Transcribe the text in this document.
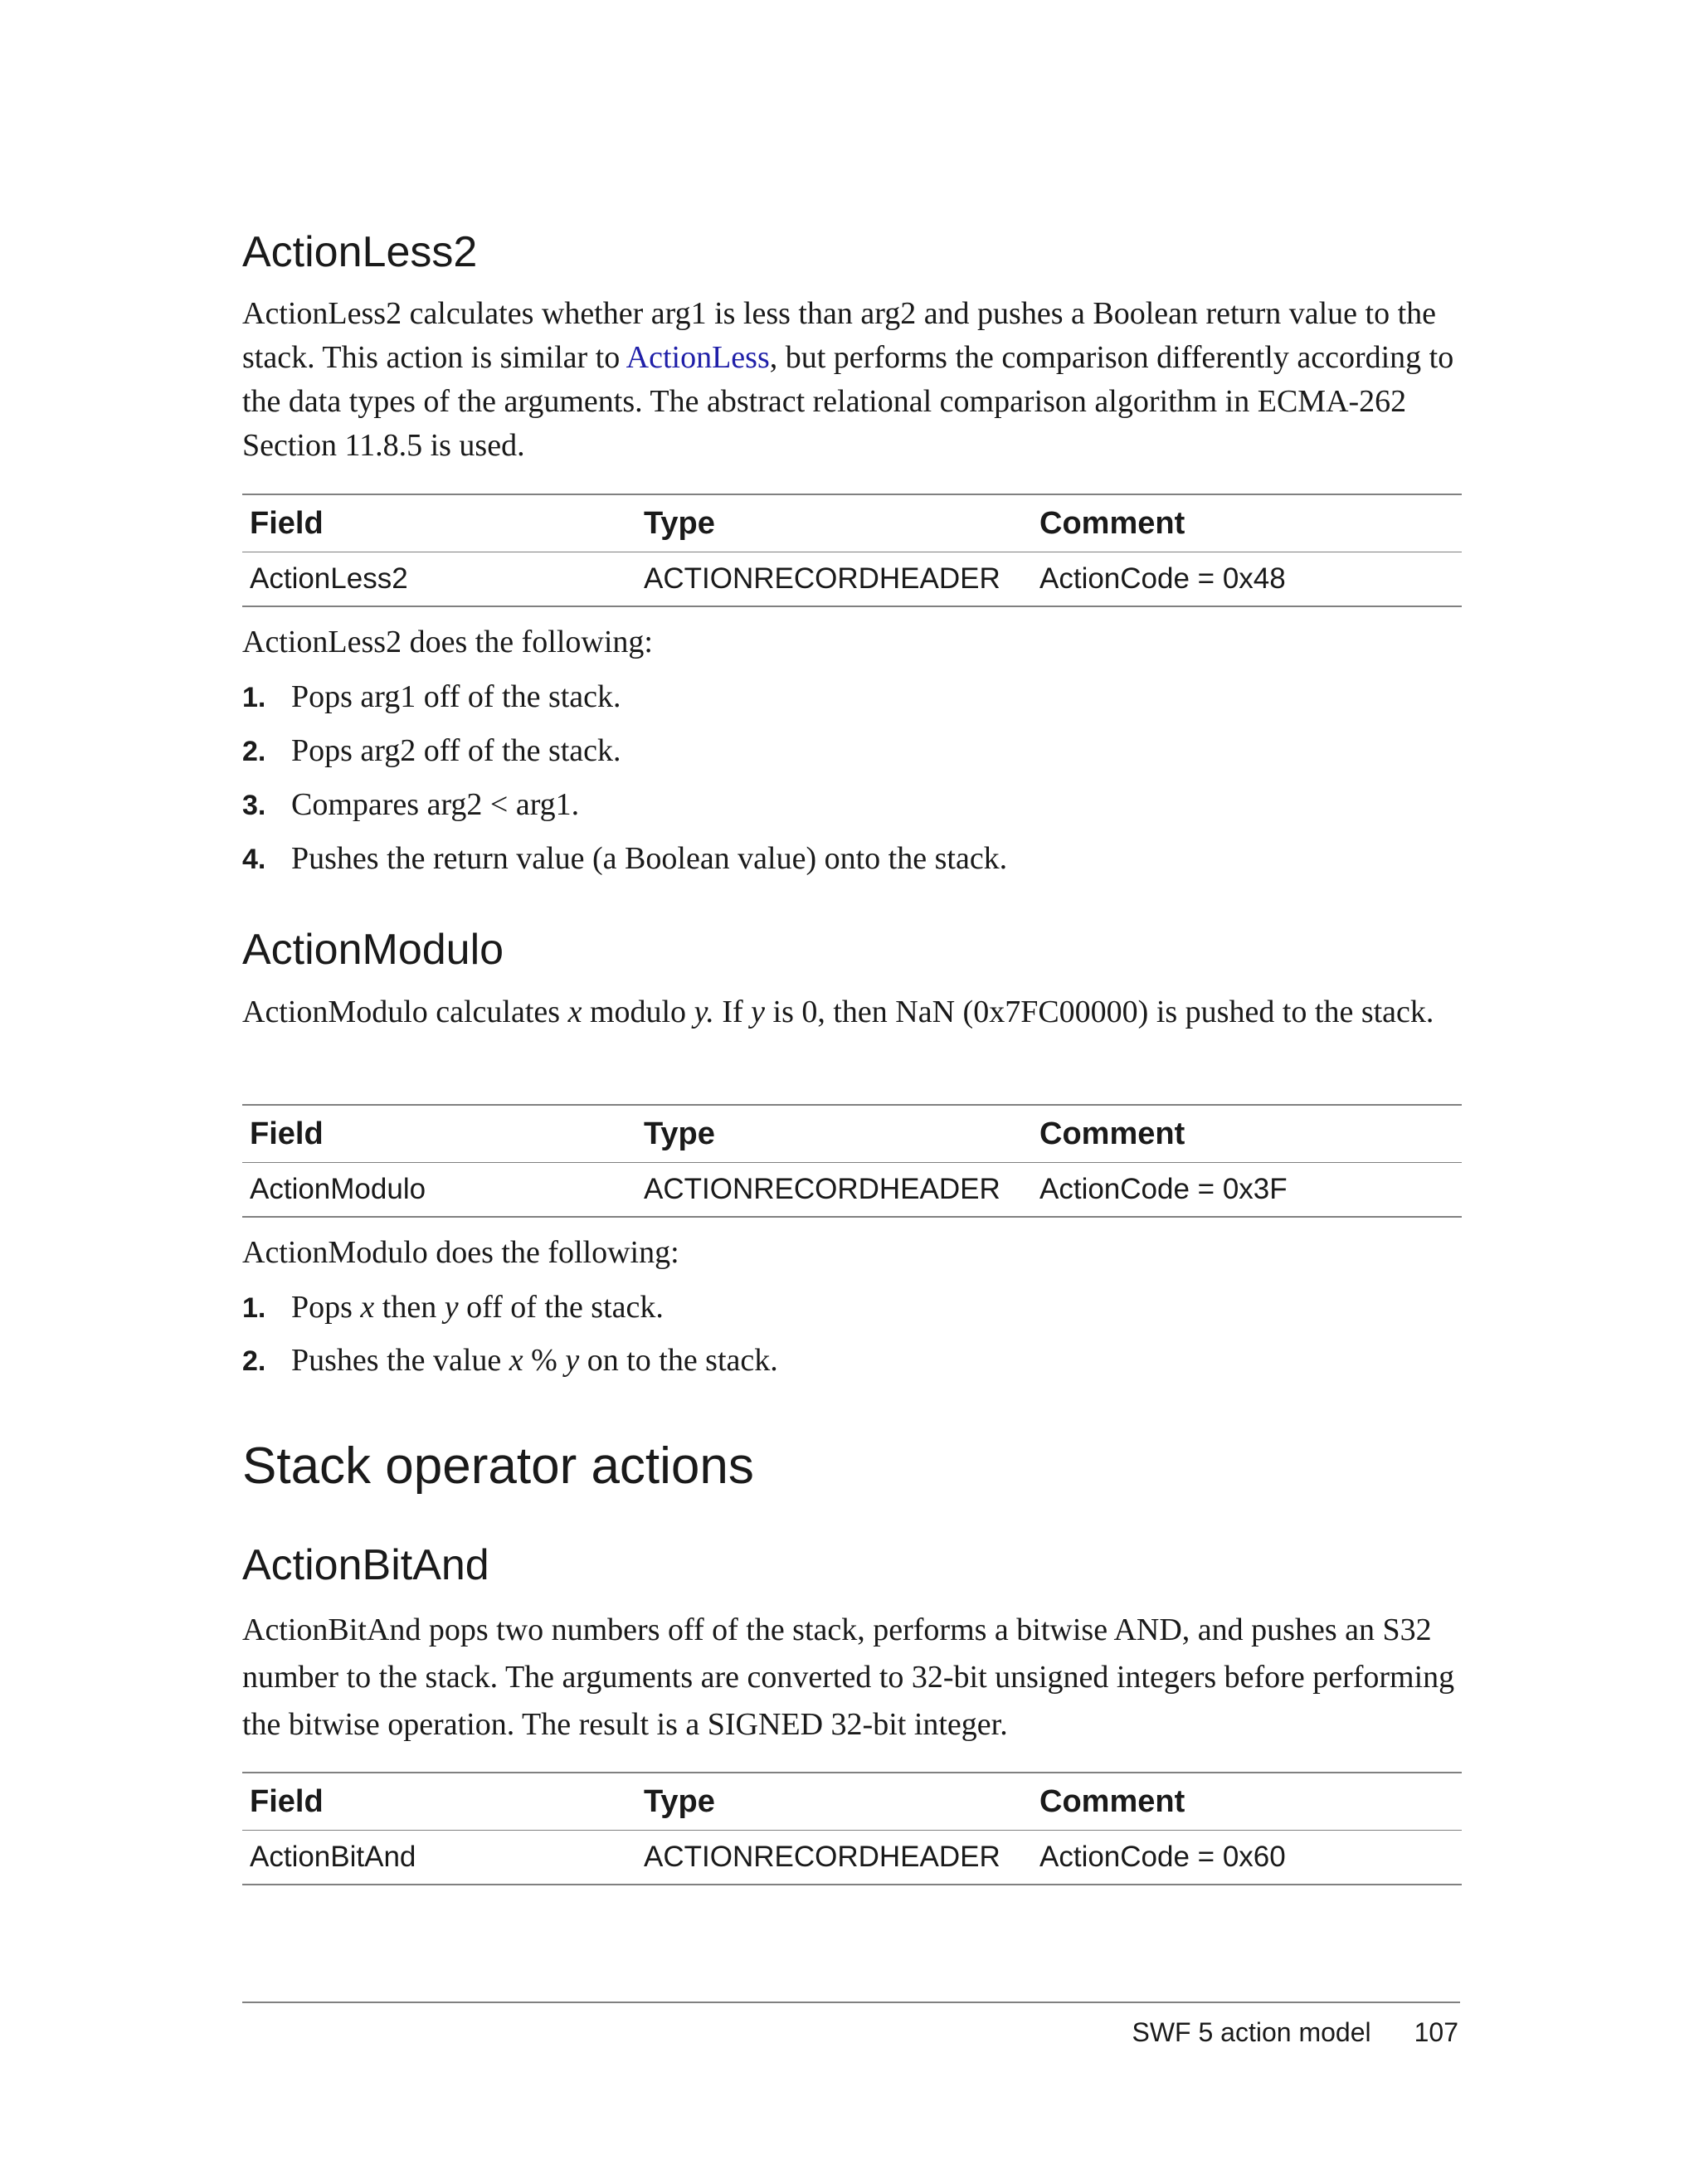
ActionLess2

ActionLess2 calculates whether arg1 is less than arg2 and pushes a Boolean return value to the stack. This action is similar to ActionLess, but performs the comparison differently according to the data types of the arguments. The abstract relational comparison algorithm in ECMA-262 Section 11.8.5 is used.

Field	Type	Comment
ActionLess2	ACTIONRECORDHEADER	ActionCode = 0x48

ActionLess2 does the following:

1. Pops arg1 off of the stack.
2. Pops arg2 off of the stack.
3. Compares arg2 < arg1.
4. Pushes the return value (a Boolean value) onto the stack.
ActionModulo

ActionModulo calculates x modulo y. If y is 0, then NaN (0x7FC00000) is pushed to the stack.

Field	Type	Comment
ActionModulo	ACTIONRECORDHEADER	ActionCode = 0x3F

ActionModulo does the following:

1. Pops x then y off of the stack.
2. Pushes the value x % y on to the stack.
Stack operator actions
ActionBitAnd

ActionBitAnd pops two numbers off of the stack, performs a bitwise AND, and pushes an S32 number to the stack. The arguments are converted to 32-bit unsigned integers before performing the bitwise operation. The result is a SIGNED 32-bit integer.

Field	Type	Comment
ActionBitAnd	ACTIONRECORDHEADER	ActionCode = 0x60
SWF 5 action model 107
